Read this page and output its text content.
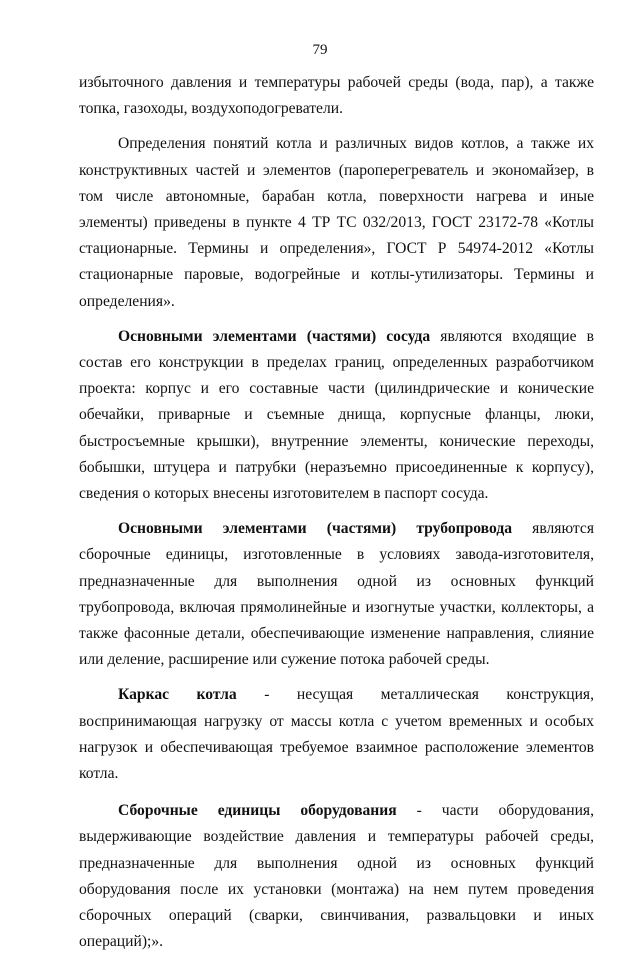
79

избыточного давления и температуры рабочей среды (вода, пар), а также топка, газоходы, воздухоподогреватели.

Определения понятий котла и различных видов котлов, а также их конструктивных частей и элементов (пароперегреватель и экономайзер, в том числе автономные, барабан котла, поверхности нагрева и иные элементы) приведены в пункте 4 ТР ТС 032/2013, ГОСТ 23172-78 «Котлы стационарные. Термины и определения», ГОСТ Р 54974-2012 «Котлы стационарные паровые, водогрейные и котлы-утилизаторы. Термины и определения».

Основными элементами (частями) сосуда являются входящие в состав его конструкции в пределах границ, определенных разработчиком проекта: корпус и его составные части (цилиндрические и конические обечайки, приварные и съемные днища, корпусные фланцы, люки, быстросъемные крышки), внутренние элементы, конические переходы, бобышки, штуцера и патрубки (неразъемно присоединенные к корпусу), сведения о которых внесены изготовителем в паспорт сосуда.

Основными элементами (частями) трубопровода являются сборочные единицы, изготовленные в условиях завода-изготовителя, предназначенные для выполнения одной из основных функций трубопровода, включая прямолинейные и изогнутые участки, коллекторы, а также фасонные детали, обеспечивающие изменение направления, слияние или деление, расширение или сужение потока рабочей среды.

Каркас котла - несущая металлическая конструкция, воспринимающая нагрузку от массы котла с учетом временных и особых нагрузок и обеспечивающая требуемое взаимное расположение элементов котла.

Сборочные единицы оборудования - части оборудования, выдерживающие воздействие давления и температуры рабочей среды, предназначенные для выполнения одной из основных функций оборудования после их установки (монтажа) на нем путем проведения сборочных операций (сварки, свинчивания, развальцовки и иных операций);».
